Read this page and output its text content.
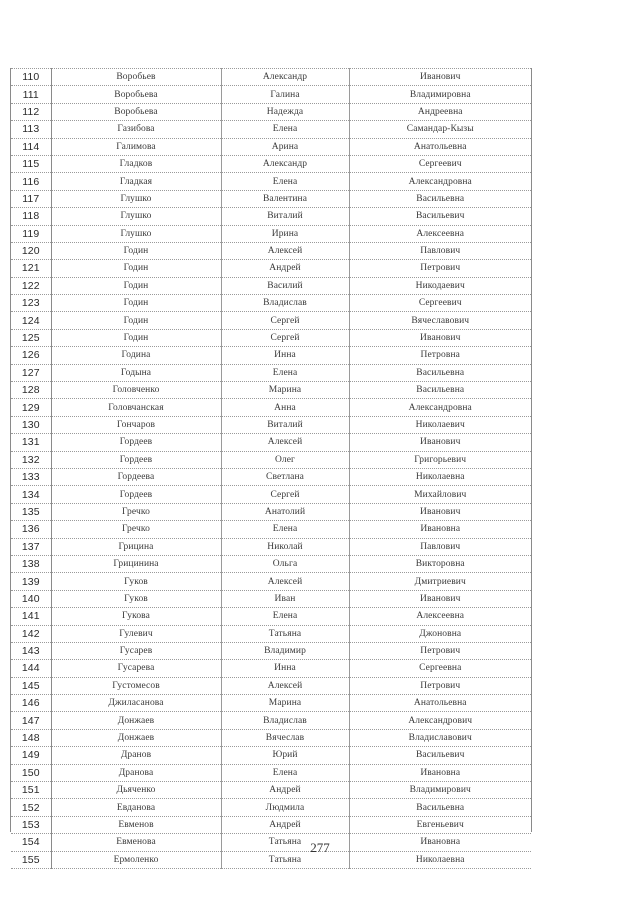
110	Воробьев	Александр	Иванович
111	Воробьева	Галина	Владимировна
112	Воробьева	Надежда	Андреевна
113	Газибова	Елена	Самандар-Кызы
114	Галимова	Арина	Анатольевна
115	Гладков	Александр	Сергеевич
116	Гладкая	Елена	Александровна
117	Глушко	Валентина	Васильевна
118	Глушко	Виталий	Васильевич
119	Глушко	Ирина	Алексеевна
120	Годин	Алексей	Павлович
121	Годин	Андрей	Петрович
122	Годин	Василий	Никодаевич
123	Годин	Владислав	Сергеевич
124	Годин	Сергей	Вячеславович
125	Годин	Сергей	Иванович
126	Година	Инна	Петровна
127	Годына	Елена	Васильевна
128	Головченко	Марина	Васильевна
129	Головчанская	Анна	Александровна
130	Гончаров	Виталий	Николаевич
131	Гордеев	Алексей	Иванович
132	Гордеев	Олег	Григорьевич
133	Гордеева	Светлана	Николаевна
134	Гордеев	Сергей	Михайлович
135	Гречко	Анатолий	Иванович
136	Гречко	Елена	Ивановна
137	Грицина	Николай	Павлович
138	Грицинина	Ольга	Викторовна
139	Гуков	Алексей	Дмитриевич
140	Гуков	Иван	Иванович
141	Гукова	Елена	Алексеевна
142	Гулевич	Татьяна	Джоновна
143	Гусарев	Владимир	Петрович
144	Гусарева	Инна	Сергеевна
145	Густомесов	Алексей	Петрович
146	Джиласанова	Марина	Анатольевна
147	Донжаев	Владислав	Александрович
148	Донжаев	Вячеслав	Владиславович
149	Дранов	Юрий	Васильевич
150	Дранова	Елена	Ивановна
151	Дьяченко	Андрей	Владимирович
152	Евданова	Людмила	Васильевна
153	Евменов	Андрей	Евгеньевич
154	Евменова	Татьяна	Ивановна
155	Ермоленко	Татьяна	Николаевна
277
